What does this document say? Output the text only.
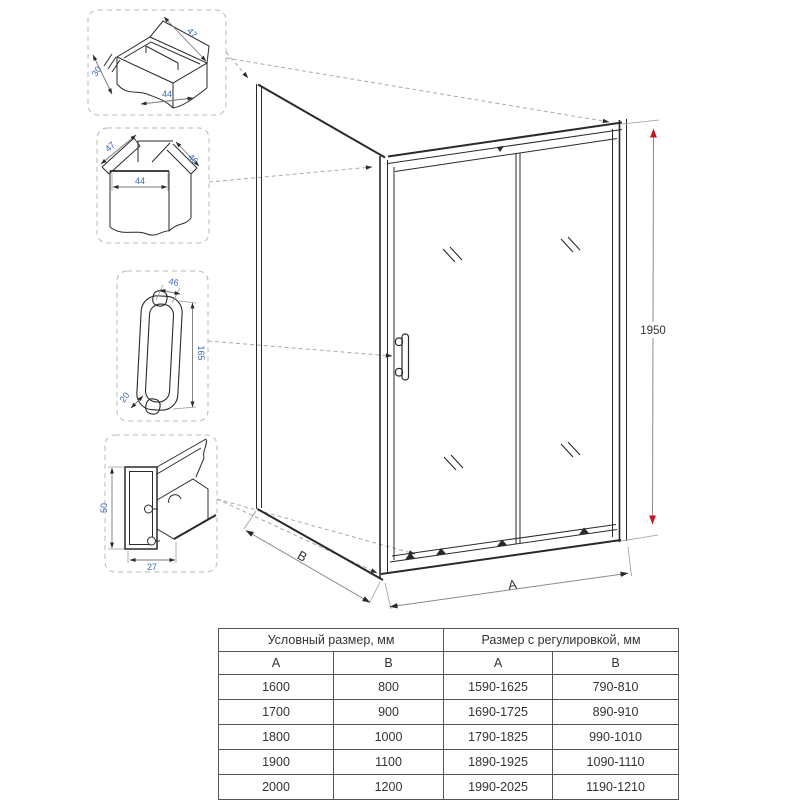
1950
A
B
47
30
44
47
46
44
46
165
20
50
27
Условный размер, мм		Размер с регулировкой, мм	
А	В	А	В
1600	800	1590-1625	790-810
1700	900	1690-1725	890-910
1800	1000	1790-1825	990-1010
1900	1100	1890-1925	1090-1110
2000	1200	1990-2025	1190-1210
